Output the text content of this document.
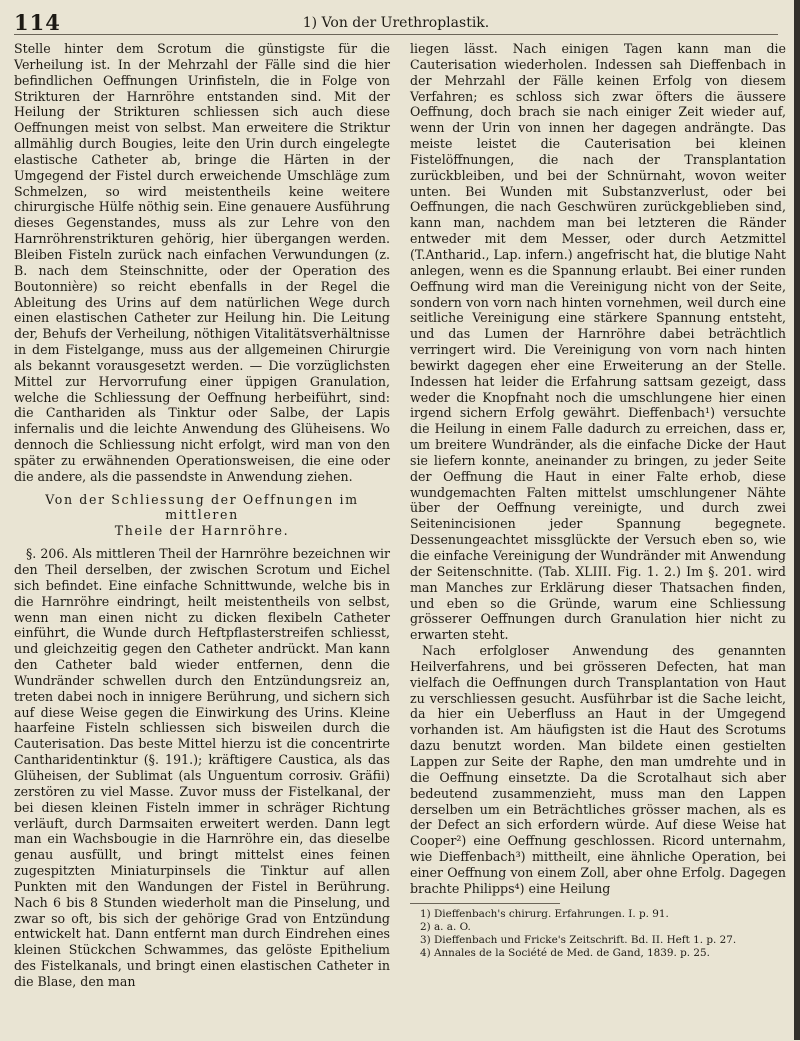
114	1) Von der Urethroplastik.

Stelle hinter dem Scrotum die günstigste für die Verheilung ist. In der Mehrzahl der Fälle sind die hier befindlichen Oeffnungen Urinfisteln, die in Folge von Strikturen der Harnröhre entstanden sind. Mit der Heilung der Strikturen schliessen sich auch diese Oeffnungen meist von selbst. Man erweitere die Striktur allmählig durch Bougies, leite den Urin durch eingelegte elastische Catheter ab, bringe die Härten in der Umgegend der Fistel durch erweichende Umschläge zum Schmelzen, so wird meistentheils keine weitere chirurgische Hülfe nöthig sein. Eine genauere Ausführung dieses Gegenstandes, muss als zur Lehre von den Harnröhrenstrikturen gehörig, hier übergangen werden. Bleiben Fisteln zurück nach einfachen Verwundungen (z. B. nach dem Steinschnitte, oder der Operation des Boutonnière) so reicht ebenfalls in der Regel die Ableitung des Urins auf dem natürlichen Wege durch einen elastischen Catheter zur Heilung hin. Die Leitung der, Behufs der Verheilung, nöthigen Vitalitätsverhältnisse in dem Fistelgange, muss aus der allgemeinen Chirurgie als bekannt vorausgesetzt werden. — Die vorzüglichsten Mittel zur Hervorrufung einer üppigen Granulation, welche die Schliessung der Oeffnung herbeiführt, sind: die Canthariden als Tinktur oder Salbe, der Lapis infernalis und die leichte Anwendung des Glüheisens. Wo dennoch die Schliessung nicht erfolgt, wird man von den später zu erwähnenden Operationsweisen, die eine oder die andere, als die passendste in Anwendung ziehen.

Von der Schliessung der Oeffnungen im mittleren

Theile der Harnröhre.

§. 206. Als mittleren Theil der Harnröhre bezeichnen wir den Theil derselben, der zwischen Scrotum und Eichel sich befindet. Eine einfache Schnittwunde, welche bis in die Harnröhre eindringt, heilt meistentheils von selbst, wenn man einen nicht zu dicken flexibeln Catheter einführt, die Wunde durch Heftpflasterstreifen schliesst, und gleichzeitig gegen den Catheter andrückt. Man kann den Catheter bald wieder entfernen, denn die Wundränder schwellen durch den Entzündungsreiz an, treten dabei noch in innigere Berührung, und sichern sich auf diese Weise gegen die Einwirkung des Urins. Kleine haarfeine Fisteln schliessen sich bisweilen durch die Cauterisation. Das beste Mittel hierzu ist die concentrirte Cantharidentinktur (§. 191.); kräftigere Caustica, als das Glüheisen, der Sublimat (als Unguentum corrosiv. Gräfii) zerstören zu viel Masse. Zuvor muss der Fistelkanal, der bei diesen kleinen Fisteln immer in schräger Richtung verläuft, durch Darmsaiten erweitert werden. Dann legt man ein Wachsbougie in die Harnröhre ein, das dieselbe genau ausfüllt, und bringt mittelst eines feinen zugespitzten Miniaturpinsels die Tinktur auf allen Punkten mit den Wandungen der Fistel in Berührung. Nach 6 bis 8 Stunden wiederholt man die Pinselung, und zwar so oft, bis sich der gehörige Grad von Entzündung entwickelt hat. Dann entfernt man durch Eindrehen eines kleinen Stückchen Schwammes, das gelöste Epithelium des Fistelkanals, und bringt einen elastischen Catheter in die Blase, den man

liegen lässt. Nach einigen Tagen kann man die Cauterisation wiederholen. Indessen sah Dieffenbach in der Mehrzahl der Fälle keinen Erfolg von diesem Verfahren; es schloss sich zwar öfters die äussere Oeffnung, doch brach sie nach einiger Zeit wieder auf, wenn der Urin von innen her dagegen andrängte. Das meiste leistet die Cauterisation bei kleinen Fistelöffnungen, die nach der Transplantation zurückbleiben, und bei der Schnürnaht, wovon weiter unten. Bei Wunden mit Substanzverlust, oder bei Oeffnungen, die nach Geschwüren zurückgeblieben sind, kann man, nachdem man bei letzteren die Ränder entweder mit dem Messer, oder durch Aetzmittel (T.Antharid., Lap. infern.) angefrischt hat, die blutige Naht anlegen, wenn es die Spannung erlaubt. Bei einer runden Oeffnung wird man die Vereinigung nicht von der Seite, sondern von vorn nach hinten vornehmen, weil durch eine seitliche Vereinigung eine stärkere Spannung entsteht, und das Lumen der Harnröhre dabei beträchtlich verringert wird. Die Vereinigung von vorn nach hinten bewirkt dagegen eher eine Erweiterung an der Stelle. Indessen hat leider die Erfahrung sattsam gezeigt, dass weder die Knopfnaht noch die umschlungene hier einen irgend sichern Erfolg gewährt. Dieffenbach¹) versuchte die Heilung in einem Falle dadurch zu erreichen, dass er, um breitere Wundränder, als die einfache Dicke der Haut sie liefern konnte, aneinander zu bringen, zu jeder Seite der Oeffnung die Haut in einer Falte erhob, diese wundgemachten Falten mittelst umschlungener Nähte über der Oeffnung vereinigte, und durch zwei Seitenincisionen jeder Spannung begegnete. Dessenungeachtet missglückte der Versuch eben so, wie die einfache Vereinigung der Wundränder mit Anwendung der Seitenschnitte. (Tab. XLIII. Fig. 1. 2.) Im §. 201. wird man Manches zur Erklärung dieser Thatsachen finden, und eben so die Gründe, warum eine Schliessung grösserer Oeffnungen durch Granulation hier nicht zu erwarten steht.

Nach erfolgloser Anwendung des genannten Heilverfahrens, und bei grösseren Defecten, hat man vielfach die Oeffnungen durch Transplantation von Haut zu verschliessen gesucht. Ausführbar ist die Sache leicht, da hier ein Ueberfluss an Haut in der Umgegend vorhanden ist. Am häufigsten ist die Haut des Scrotums dazu benutzt worden. Man bildete einen gestielten Lappen zur Seite der Raphe, den man umdrehte und in die Oeffnung einsetzte. Da die Scrotalhaut sich aber bedeutend zusammenzieht, muss man den Lappen derselben um ein Beträchtliches grösser machen, als es der Defect an sich erfordern würde. Auf diese Weise hat Cooper²) eine Oeffnung geschlossen. Ricord unternahm, wie Dieffenbach³) mittheilt, eine ähnliche Operation, bei einer Oeffnung von einem Zoll, aber ohne Erfolg. Dagegen brachte Philipps⁴) eine Heilung

1) Dieffenbach's chirurg. Erfahrungen. I. p. 91.

2) a. a. O.

3) Dieffenbach und Fricke's Zeitschrift. Bd. II. Heft 1. p. 27.

4) Annales de la Société de Med. de Gand, 1839. p. 25.
